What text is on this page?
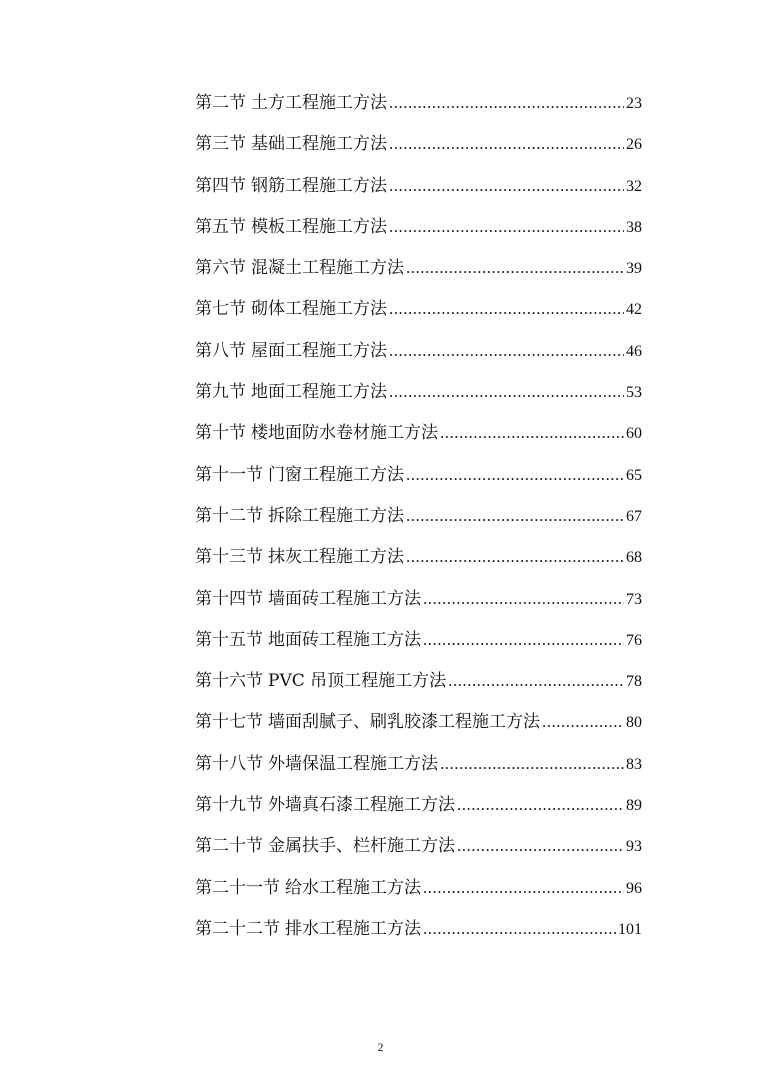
第二节 土方工程施工方法 .....	23
第三节 基础工程施工方法 .....	26
第四节 钢筋工程施工方法 .....	32
第五节 模板工程施工方法 .....	38
第六节 混凝土工程施工方法 .....	39
第七节 砌体工程施工方法 .....	42
第八节 屋面工程施工方法 .....	46
第九节 地面工程施工方法 .....	53
第十节 楼地面防水卷材施工方法 .....	60
第十一节 门窗工程施工方法 .....	65
第十二节 拆除工程施工方法 .....	67
第十三节 抹灰工程施工方法 .....	68
第十四节 墙面砖工程施工方法 .....	73
第十五节 地面砖工程施工方法 .....	76
第十六节 PVC 吊顶工程施工方法 .....	78
第十七节 墙面刮腻子、刷乳胶漆工程施工方法 .....	80
第十八节 外墙保温工程施工方法 .....	83
第十九节 外墙真石漆工程施工方法 .....	89
第二十节 金属扶手、栏杆施工方法 .....	93
第二十一节 给水工程施工方法 .....	96
第二十二节 排水工程施工方法 .....	101
2
